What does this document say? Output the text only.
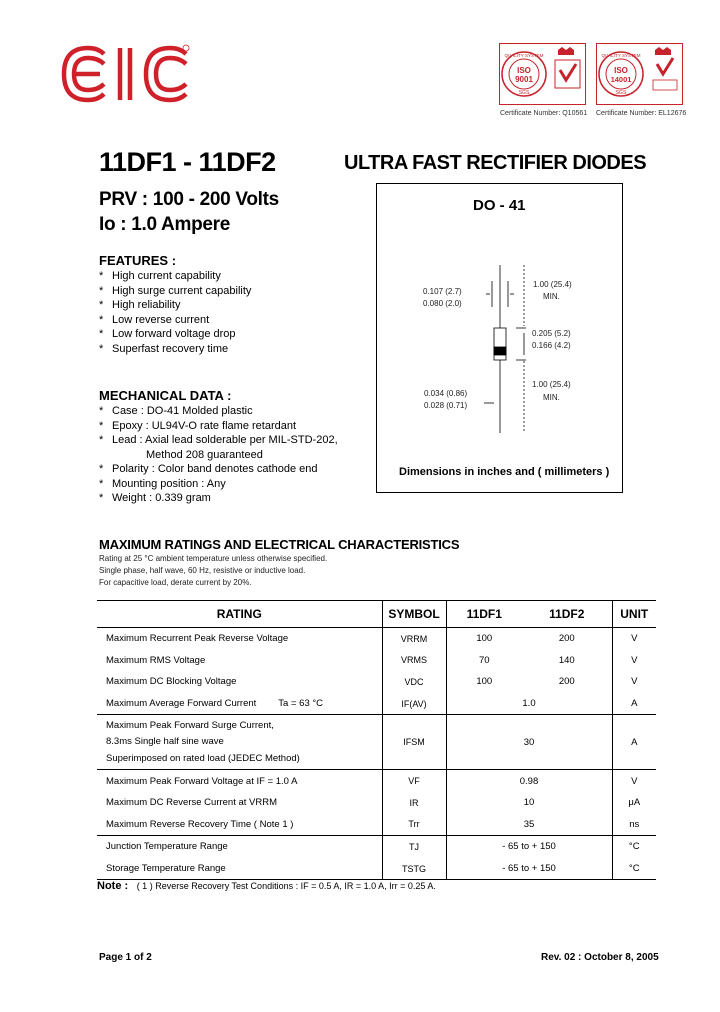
QUALITY SYSTEM
ISO
9001
SGS
QUALITY SYSTEM
ISO
14001
SGS
Certificate Number: Q10561 Certificate Number: EL12676
11DF1 - 11DF2	ULTRA FAST RECTIFIER DIODES
PRV : 100 - 200 Volts
Io : 1.0 Ampere
FEATURES :
* High current capability
* High surge current capability
* High reliability
* Low reverse current
* Low forward voltage drop
* Superfast recovery time
MECHANICAL DATA :
* Case : DO-41 Molded plastic
* Epoxy : UL94V-O rate flame retardant
* Lead : Axial lead solderable per MIL-STD-202,
Method 208 guaranteed
* Polarity : Color band denotes cathode end
* Mounting position : Any
* Weight : 0.339 gram
DO - 41
0.107 (2.7)
0.080 (2.0)
1.00 (25.4)
MIN.
0.205 (5.2)
0.166 (4.2)
0.034 (0.86)
0.028 (0.71)
1.00 (25.4)
MIN.
Dimensions in inches and ( millimeters )
MAXIMUM RATINGS AND ELECTRICAL CHARACTERISTICS
Rating at 25 °C ambient temperature unless otherwise specified.
Single phase, half wave, 60 Hz, resistive or inductive load.
For capacitive load, derate current by 20%.
RATING	SYMBOL	11DF1	11DF2	UNIT
Maximum Recurrent Peak Reverse Voltage	VRRM	100	200	V
Maximum RMS Voltage	VRMS	70	140	V
Maximum DC Blocking Voltage	VDC	100	200	V
Maximum Average Forward Current Ta = 63 °C	IF(AV)	1.0		A

Maximum Peak Forward Surge Current,
8.3ms Single half sine wave
Superimposed on rated load (JEDEC Method)	IFSM	30		A
Maximum Peak Forward Voltage at IF = 1.0 A	VF	0.98		V
Maximum DC Reverse Current at VRRM	IR	10		μA
Maximum Reverse Recovery Time ( Note 1 )	Trr	35		ns
Junction Temperature Range	TJ	- 65 to + 150		°C
Storage Temperature Range	TSTG	- 65 to + 150		°C
Note : ( 1 ) Reverse Recovery Test Conditions : IF = 0.5 A, IR = 1.0 A, Irr = 0.25 A.
Page 1 of 2	Rev. 02 : October 8, 2005
